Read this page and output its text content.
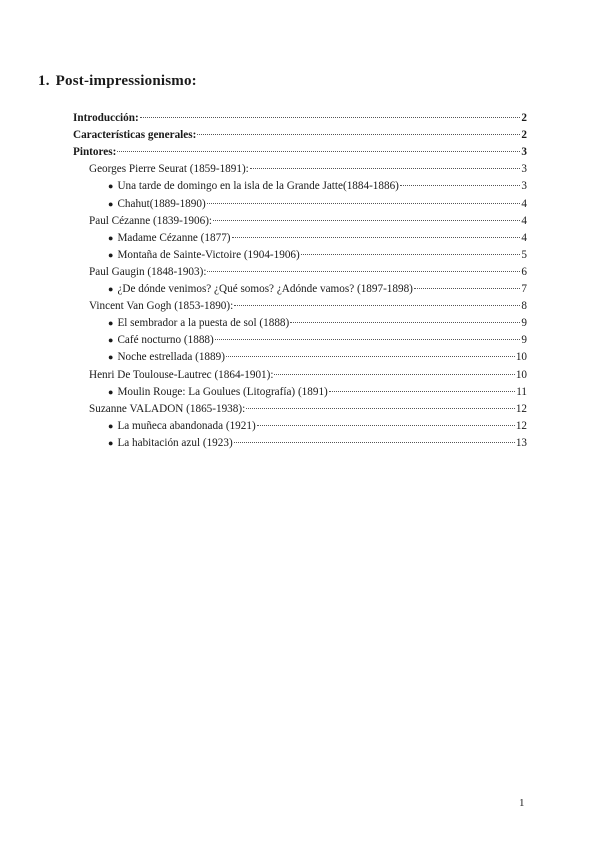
1. Post-impressionismo:
Introducción:	2
Características generales:	2
Pintores:	3
Georges Pierre Seurat (1859-1891):	3
● Una tarde de domingo en la isla de la Grande Jatte(1884-1886)	3
● Chahut(1889-1890)	4
Paul Cézanne (1839-1906):	4
● Madame Cézanne (1877)	4
● Montaña de Sainte-Victoire (1904-1906)	5
Paul Gaugin (1848-1903):	6
● ¿De dónde venimos? ¿Qué somos? ¿Adónde vamos? (1897-1898)	7
Vincent Van Gogh (1853-1890):	8
● El sembrador a la puesta de sol (1888)	9
● Café nocturno (1888)	9
● Noche estrellada (1889)	10
Henri De Toulouse-Lautrec (1864-1901):	10
● Moulin Rouge: La Goulues (Litografía) (1891)	11
Suzanne VALADON (1865-1938):	12
● La muñeca abandonada (1921)	12
● La habitación azul (1923)	13
1
